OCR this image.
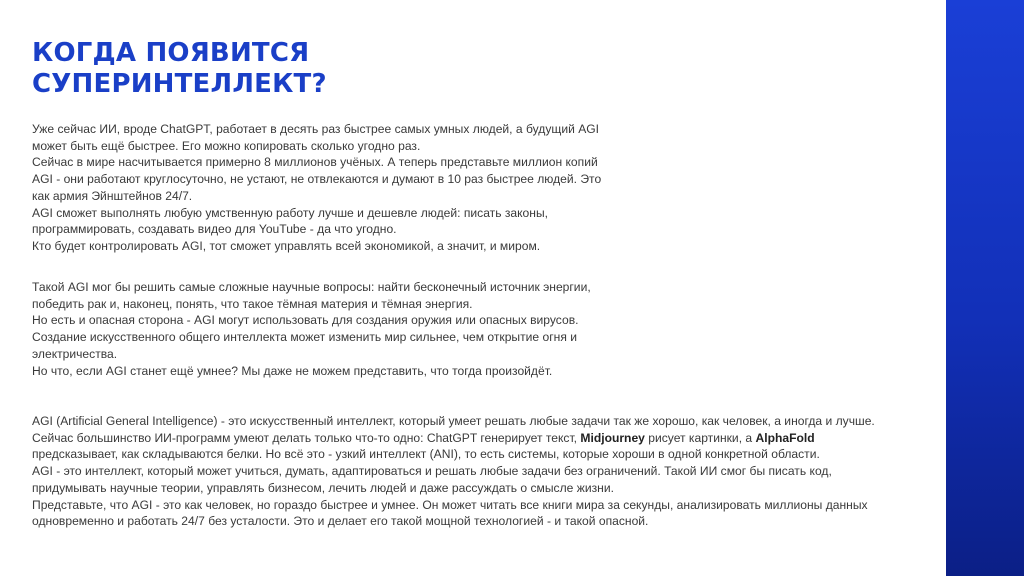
КОГДА ПОЯВИТСЯ
СУПЕРИНТЕЛЛЕКТ?

Уже сейчас ИИ, вроде ChatGPT, работает в десять раз быстрее самых умных людей, а будущий AGI
может быть ещё быстрее. Его можно копировать сколько угодно раз.
Сейчас в мире насчитывается примерно 8 миллионов учёных. А теперь представьте миллион копий
AGI - они работают круглосуточно, не устают, не отвлекаются и думают в 10 раз быстрее людей. Это
как армия Эйнштейнов 24/7.
AGI сможет выполнять любую умственную работу лучше и дешевле людей: писать законы,
программировать, создавать видео для YouTube - да что угодно.
Кто будет контролировать AGI, тот сможет управлять всей экономикой, а значит, и миром.

Такой AGI мог бы решить самые сложные научные вопросы: найти бесконечный источник энергии,
победить рак и, наконец, понять, что такое тёмная материя и тёмная энергия.
Но есть и опасная сторона - AGI могут использовать для создания оружия или опасных вирусов.
Создание искусственного общего интеллекта может изменить мир сильнее, чем открытие огня и
электричества.
Но что, если AGI станет ещё умнее? Мы даже не можем представить, что тогда произойдёт.

AGI (Artificial General Intelligence) - это искусственный интеллект, который умеет решать любые задачи так же хорошо, как человек, а иногда и лучше.
Сейчас большинство ИИ-программ умеют делать только что-то одно: ChatGPT генерирует текст, Midjourney рисует картинки, а AlphaFold
предсказывает, как складываются белки. Но всё это - узкий интеллект (ANI), то есть системы, которые хороши в одной конкретной области.
AGI - это интеллект, который может учиться, думать, адаптироваться и решать любые задачи без ограничений. Такой ИИ смог бы писать код,
придумывать научные теории, управлять бизнесом, лечить людей и даже рассуждать о смысле жизни.
Представьте, что AGI - это как человек, но гораздо быстрее и умнее. Он может читать все книги мира за секунды, анализировать миллионы данных
одновременно и работать 24/7 без усталости. Это и делает его такой мощной технологией - и такой опасной.
